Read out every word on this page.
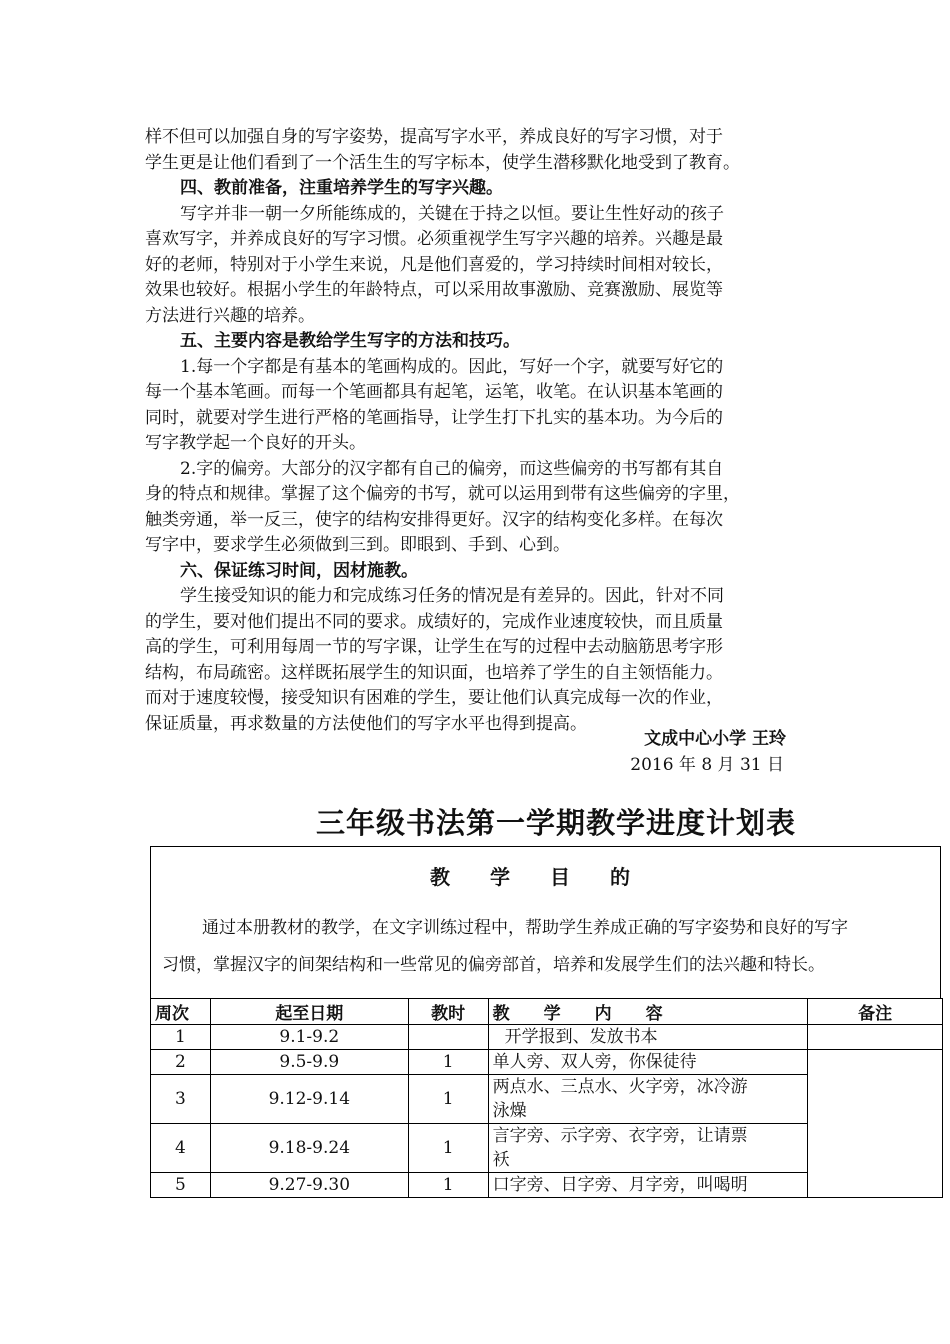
样不但可以加强自身的写字姿势，提高写字水平，养成良好的写字习惯，对于
学生更是让他们看到了一个活生生的写字标本，使学生潜移默化地受到了教育。

四、教前准备，注重培养学生的写字兴趣。

写字并非一朝一夕所能练成的，关键在于持之以恒。要让生性好动的孩子
喜欢写字，并养成良好的写字习惯。必须重视学生写字兴趣的培养。兴趣是最
好的老师，特别对于小学生来说，凡是他们喜爱的，学习持续时间相对较长，
效果也较好。根据小学生的年龄特点，可以采用故事激励、竞赛激励、展览等
方法进行兴趣的培养。

五、主要内容是教给学生写字的方法和技巧。

1.每一个字都是有基本的笔画构成的。因此，写好一个字，就要写好它的
每一个基本笔画。而每一个笔画都具有起笔，运笔，收笔。在认识基本笔画的
同时，就要对学生进行严格的笔画指导，让学生打下扎实的基本功。为今后的
写字教学起一个良好的开头。

2.字的偏旁。大部分的汉字都有自己的偏旁，而这些偏旁的书写都有其自
身的特点和规律。掌握了这个偏旁的书写，就可以运用到带有这些偏旁的字里，
触类旁通，举一反三，使字的结构安排得更好。汉字的结构变化多样。在每次
写字中，要求学生必须做到三到。即眼到、手到、心到。

六、保证练习时间，因材施教。

学生接受知识的能力和完成练习任务的情况是有差异的。因此，针对不同
的学生，要对他们提出不同的要求。成绩好的，完成作业速度较快，而且质量
高的学生，可利用每周一节的写字课，让学生在写的过程中去动脑筋思考字形
结构，布局疏密。这样既拓展学生的知识面，也培养了学生的自主领悟能力。
而对于速度较慢，接受知识有困难的学生，要让他们认真完成每一次的作业，
保证质量，再求数量的方法使他们的写字水平也得到提高。

文成中心小学 王玲
2016 年 8 月 31 日
三年级书法第一学期教学进度计划表
教学目的
通过本册教材的教学，在文字训练过程中，帮助学生养成正确的写字姿势和良好的写字
习惯，掌握汉字的间架结构和一些常见的偏旁部首，培养和发展学生们的法兴趣和特长。
周次	起至日期	教时	教　　学　　内　　容	备注
1	9.1-9.2		开学报到、发放书本	
2	9.5-9.9	1	单人旁、双人旁，你保徒待	
3	9.12-9.14	1	两点水、三点水、火字旁，冰冷游
泳燥	

4	9.18-9.24	1	言字旁、示字旁、衣字旁，让请票
袄	

5	9.27-9.30	1	口字旁、日字旁、月字旁，叫喝明	
